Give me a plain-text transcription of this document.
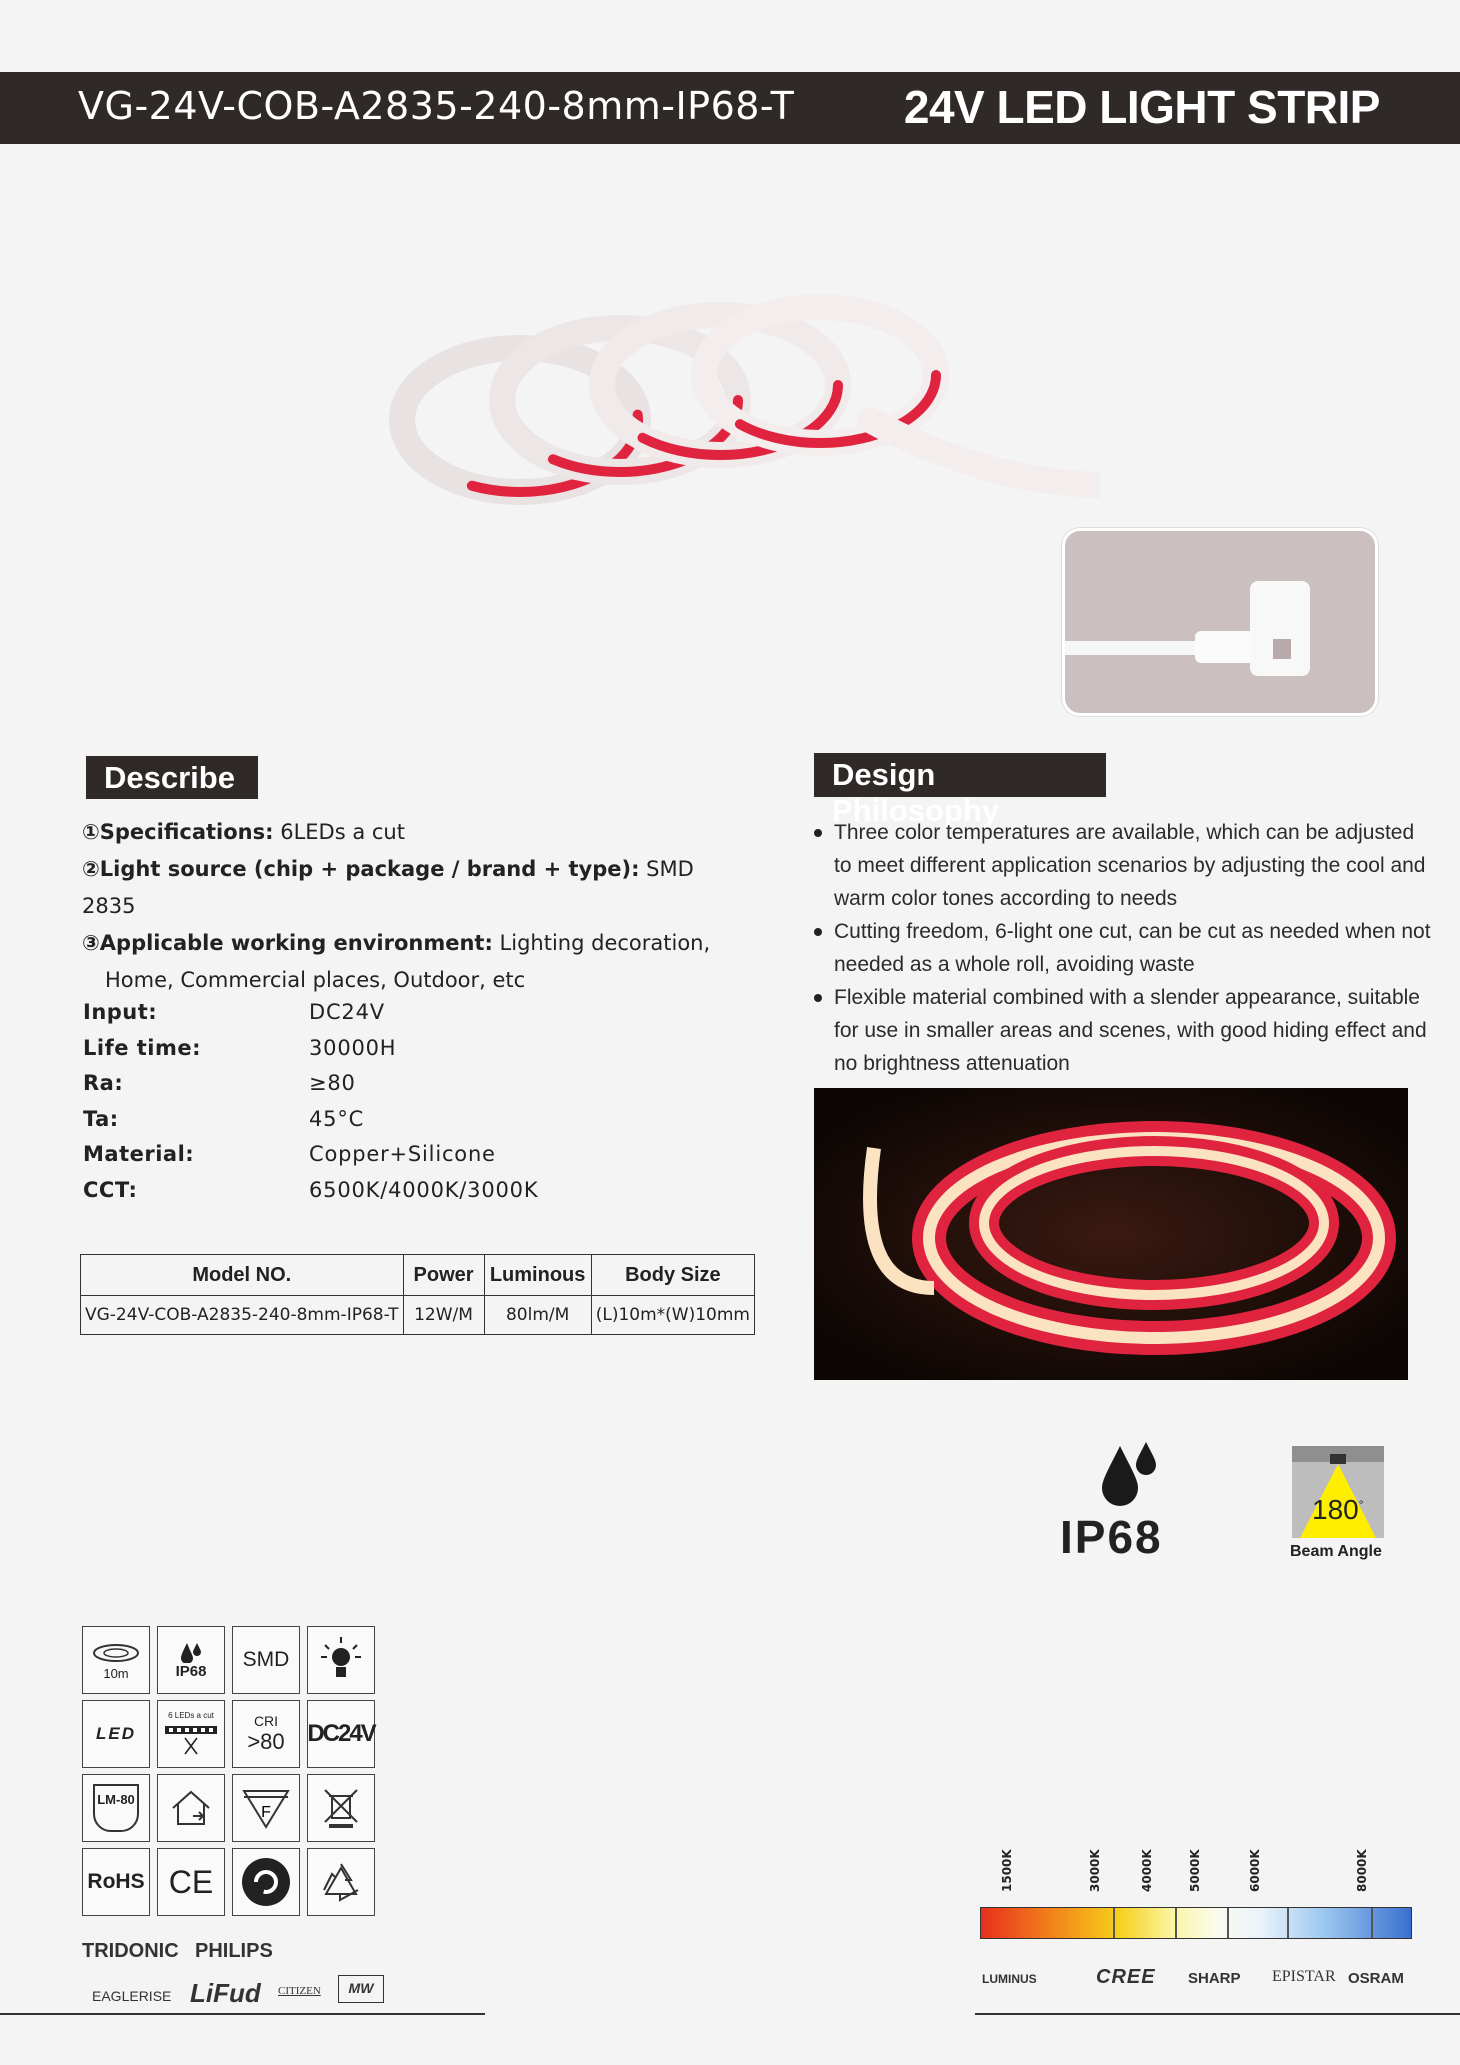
VG-24V-COB-A2835-240-8mm-IP68-T 24V LED LIGHT STRIP
Describe
①Specifications: 6LEDs a cut
②Light source (chip + package / brand + type): SMD 2835
③Applicable working environment: Lighting decoration,
Home, Commercial places, Outdoor, etc
Input:	DC24V
Life time:	30000H
Ra:	≥80
Ta:	45°C
Material:	Copper+Silicone
CCT:	6500K/4000K/3000K
Model NO.	Power	Luminous	Body Size
VG-24V-COB-A2835-240-8mm-IP68-T	12W/M	80lm/M	(L)10m*(W)10mm
Design Philosophy
Three color temperatures are available, which can be adjusted to meet different application scenarios by adjusting the cool and warm color tones according to needs
Cutting freedom, 6-light one cut, can be cut as needed when not needed as a whole roll, avoiding waste
Flexible material combined with a slender appearance, suitable for use in smaller areas and scenes, with good hiding effect and no brightness attenuation
IP68
180°
Beam Angle
10m	IP68	SMD
LED
6 LEDs a cut	CRI
>80 DC24V
LM-80
F
RoHS CE
TRIDONIC PHILIPS
EAGLERISE LiFud CITIZEN	MW
1500K	3000K	4000K	5000K	6000K	8000K
LUMINUS	CREE SHARP EPISTAR OSRAM
